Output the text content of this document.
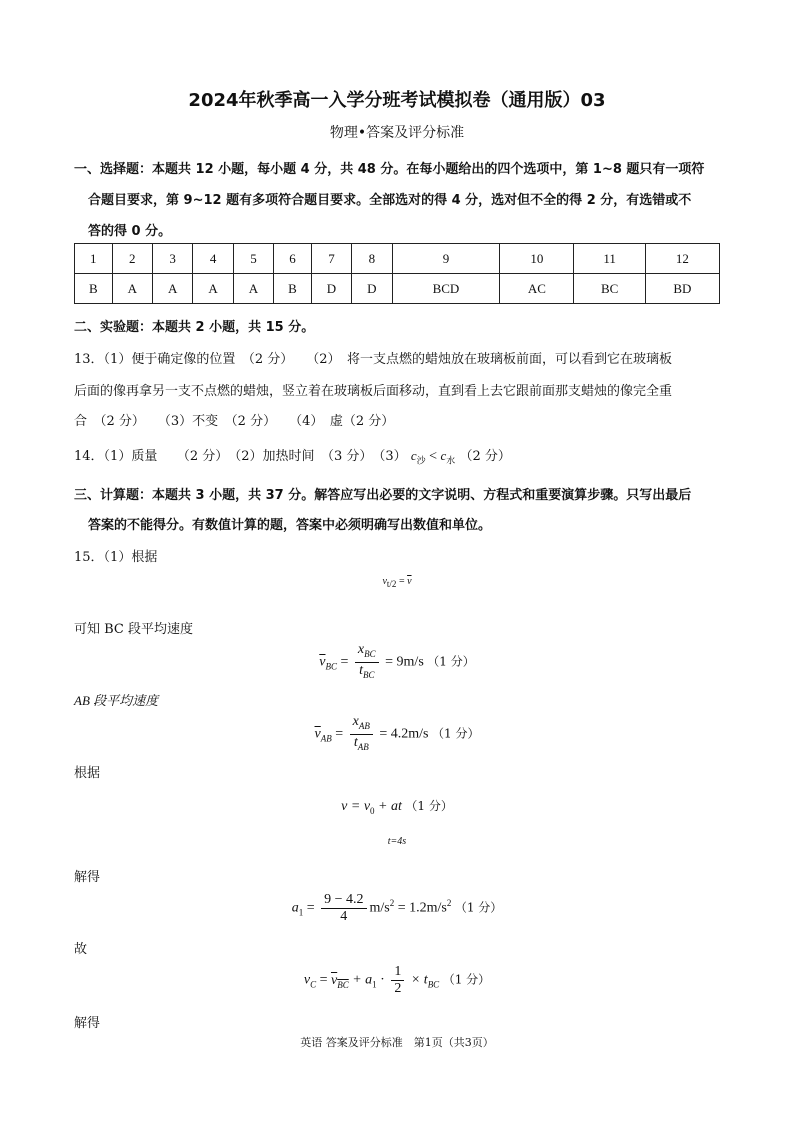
2024年秋季高一入学分班考试模拟卷（通用版）03
物理•答案及评分标准
一、选择题：本题共 12 小题，每小题 4 分，共 48 分。在每小题给出的四个选项中，第 1~8 题只有一项符
合题目要求，第 9~12 题有多项符合题目要求。全部选对的得 4 分，选对但不全的得 2 分，有选错或不
答的得 0 分。
1	2	3	4	5	6	7	8	9	10	11	12
B	A	A	A	A	B	D	D	BCD	AC	BC	BD
二、实验题：本题共 2 小题，共 15 分。
13．（1）便于确定像的位置　（2 分）　　（2）　将一支点燃的蜡烛放在玻璃板前面，可以看到它在玻璃板
后面的像再拿另一支不点燃的蜡烛，竖立着在玻璃板后面移动，直到看上去它跟前面那支蜡烛的像完全重
合　（2 分）　　（3）不变　（2 分）　　（4）　虚（2 分）
14．（1）质量　　（2 分）　（2）加热时间　（3 分）　（3） $c_沙 < c_水$ （2 分）
三、计算题：本题共 3 小题，共 37 分。解答应写出必要的文字说明、方程式和重要演算步骤。只写出最后
答案的不能得分。有数值计算的题，答案中必须明确写出数值和单位。
15．（1）根据
$v_{t/2} = \overline{v}$
可知 BC 段平均速度
$\overline{v}_{BC} = \frac{x_{BC}}{t_{BC}} = 9m/s$ （1 分）
AB 段平均速度
$\overline{v}_{AB} = \frac{x_{AB}}{t_{AB}} = 4.2m/s$ （1 分）
根据
$v = v_0$ + at （1 分）
t=4s
解得
$a_1 = \frac{9 - 4.2}{4} m/s^2 = 1.2m/s^2$ （1 分）
故
$v_C = v_{BC} + a_1 \cdot \frac{1}{2} \times t_{BC}$ （1 分）
解得
英语 答案及评分标准　第1页（共3页）
